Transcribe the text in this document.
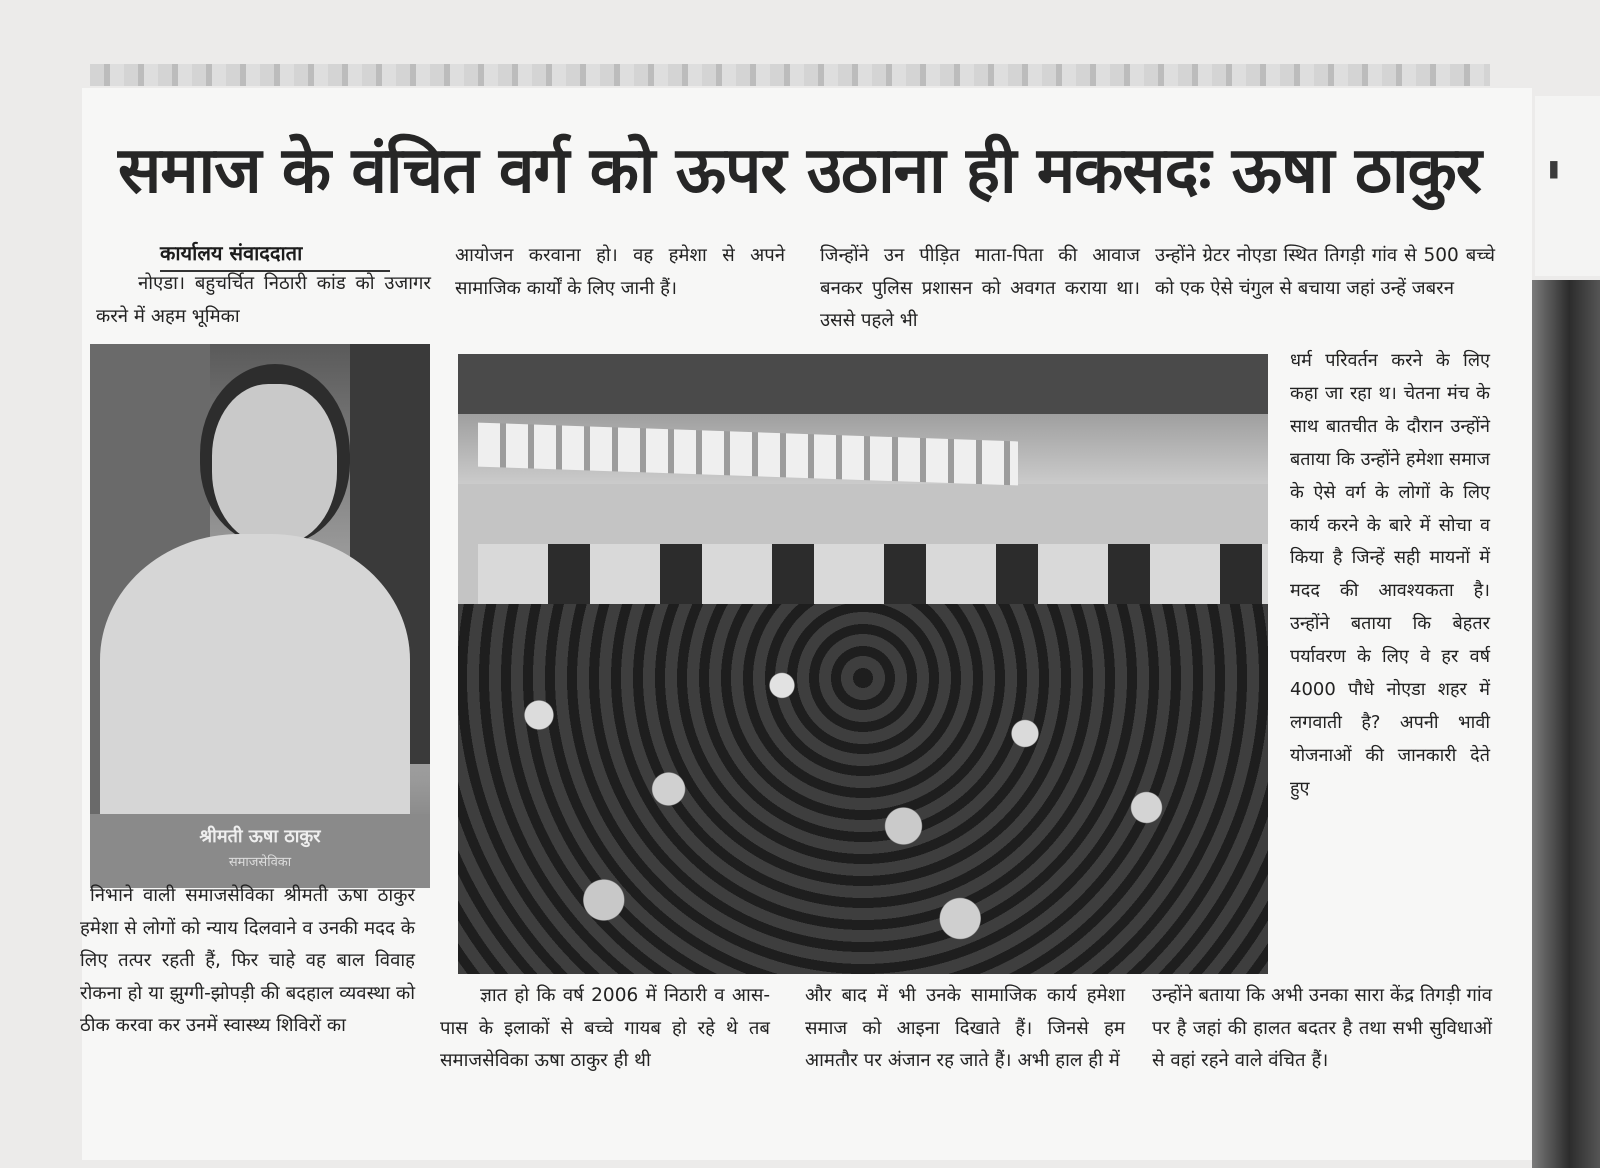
'
समाज के वंचित वर्ग को ऊपर उठाना ही मकसदः ऊषा ठाकुर
कार्यालय संवाददाता

नोएडा। बहुचर्चित निठारी कांड को उजागर करने में अहम भूमिका

श्रीमती ऊषा ठाकुर
समाजसेविका

निभाने वाली समाजसेविका श्रीमती ऊषा ठाकुर हमेशा से लोगों को न्याय दिलवाने व उनकी मदद के लिए तत्पर रहती हैं, फिर चाहे वह बाल विवाह रोकना हो या झुग्गी-झोपड़ी की बदहाल व्यवस्था को ठीक करवा कर उनमें स्वास्थ्य शिविरों का

आयोजन करवाना हो। वह हमेशा से अपने सामाजिक कार्यों के लिए जानी हैं।

जिन्होंने उन पीड़ित माता-पिता की आवाज बनकर पुलिस प्रशासन को अवगत कराया था। उससे पहले भी

उन्होंने ग्रेटर नोएडा स्थित तिगड़ी गांव से 500 बच्चे को एक ऐसे चंगुल से बचाया जहां उन्हें जबरन

धर्म परिवर्तन करने के लिए कहा जा रहा थ। चेतना मंच के साथ बातचीत के दौरान उन्होंने बताया कि उन्होंने हमेशा समाज के ऐसे वर्ग के लोगों के लिए कार्य करने के बारे में सोचा व किया है जिन्हें सही मायनों में मदद की आवश्यकता है। उन्होंने बताया कि बेहतर पर्यावरण के लिए वे हर वर्ष 4000 पौधे नोएडा शहर में लगवाती है? अपनी भावी योजनाओं की जानकारी देते हुए

ज्ञात हो कि वर्ष 2006 में निठारी व आस-पास के इलाकों से बच्चे गायब हो रहे थे तब समाजसेविका ऊषा ठाकुर ही थी

और बाद में भी उनके सामाजिक कार्य हमेशा समाज को आइना दिखाते हैं। जिनसे हम आमतौर पर अंजान रह जाते हैं। अभी हाल ही में

उन्होंने बताया कि अभी उनका सारा केंद्र तिगड़ी गांव पर है जहां की हालत बदतर है तथा सभी सुविधाओं से वहां रहने वाले वंचित हैं।
